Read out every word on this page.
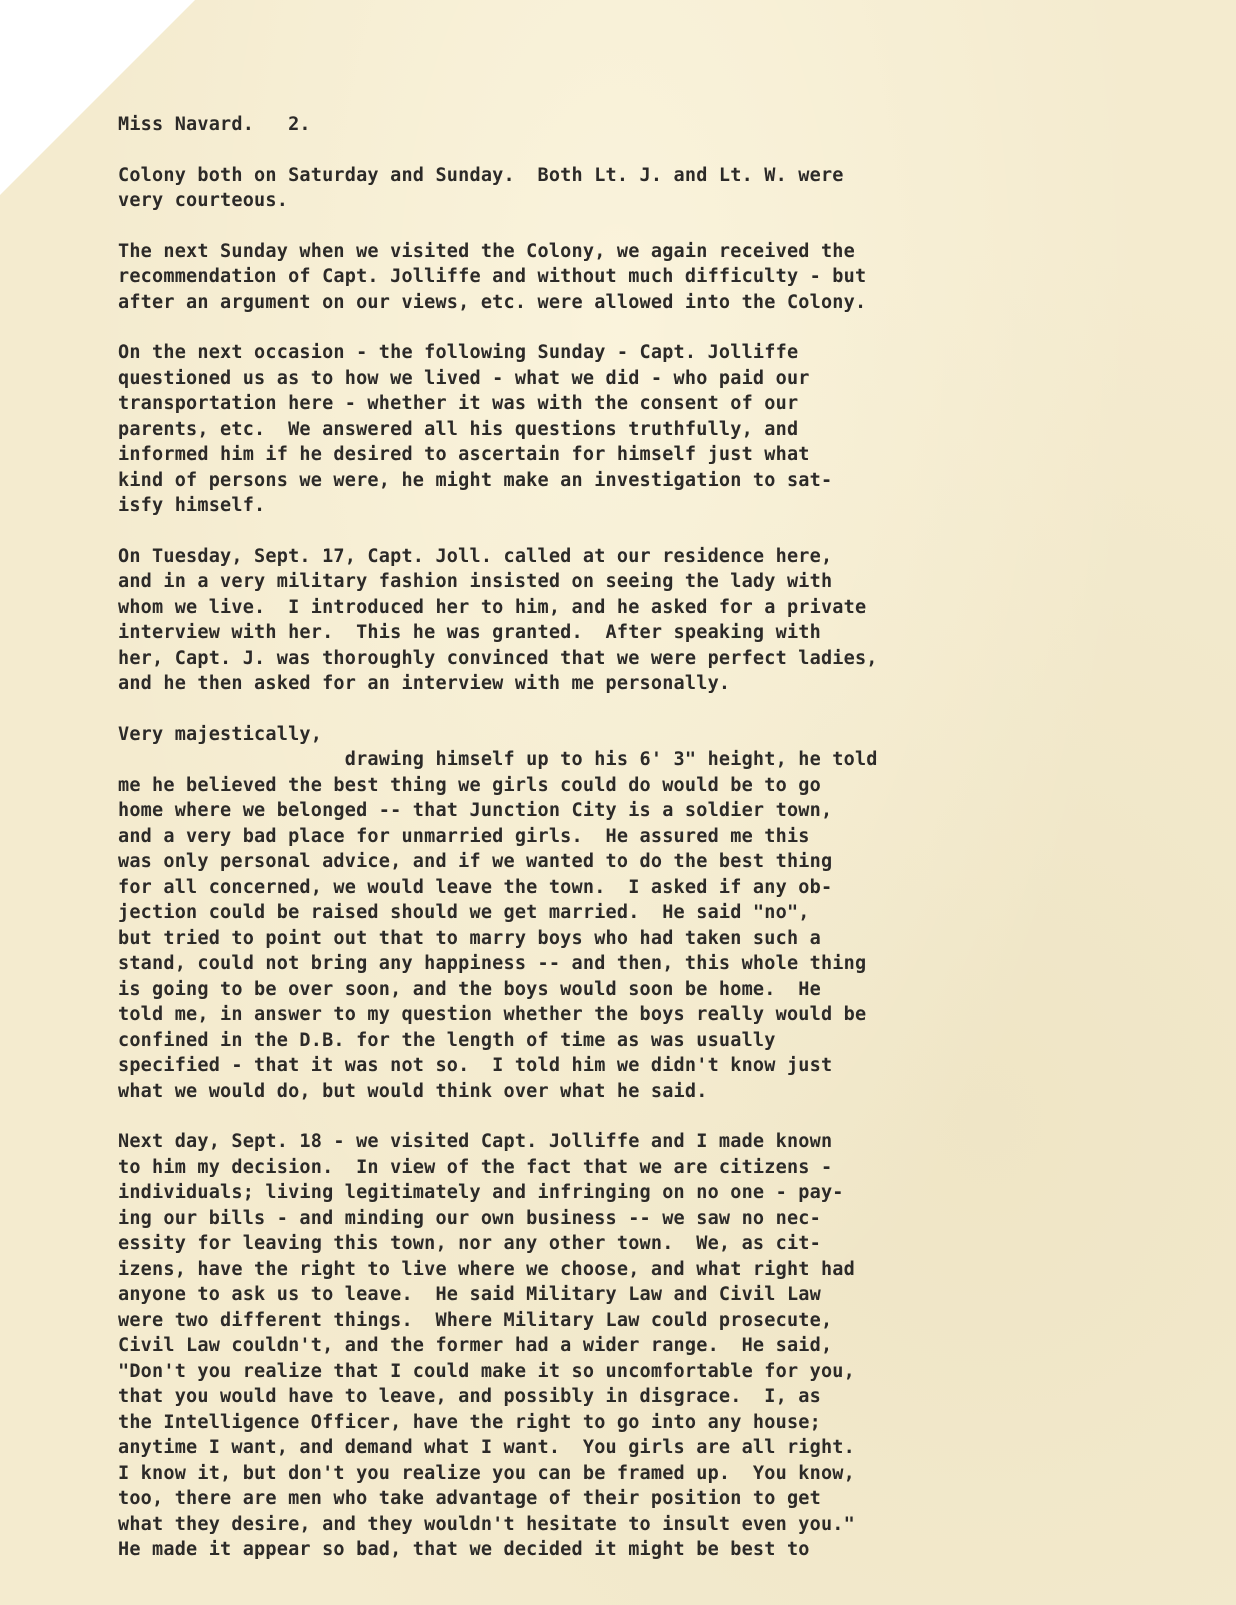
Miss Navard.   2.
Colony both on Saturday and Sunday.  Both Lt. J. and Lt. W. were
very courteous.
The next Sunday when we visited the Colony, we again received the
recommendation of Capt. Jolliffe and without much difficulty - but
after an argument on our views, etc. were allowed into the Colony.
On the next occasion - the following Sunday - Capt. Jolliffe
questioned us as to how we lived - what we did - who paid our
transportation here - whether it was with the consent of our
parents, etc.  We answered all his questions truthfully, and
informed him if he desired to ascertain for himself just what
kind of persons we were, he might make an investigation to sat-
isfy himself.
On Tuesday, Sept. 17, Capt. Joll. called at our residence here,
and in a very military fashion insisted on seeing the lady with
whom we live.  I introduced her to him, and he asked for a private
interview with her.  This he was granted.  After speaking with
her, Capt. J. was thoroughly convinced that we were perfect ladies,
and he then asked for an interview with me personally.
Very majestically,
drawing himself up to his 6' 3" height, he told
me he believed the best thing we girls could do would be to go
home where we belonged -- that Junction City is a soldier town,
and a very bad place for unmarried girls.  He assured me this
was only personal advice, and if we wanted to do the best thing
for all concerned, we would leave the town.  I asked if any ob-
jection could be raised should we get married.  He said "no",
but tried to point out that to marry boys who had taken such a
stand, could not bring any happiness -- and then, this whole thing
is going to be over soon, and the boys would soon be home.  He
told me, in answer to my question whether the boys really would be
confined in the D.B. for the length of time as was usually
specified - that it was not so.  I told him we didn't know just
what we would do, but would think over what he said.
Next day, Sept. 18 - we visited Capt. Jolliffe and I made known
to him my decision.  In view of the fact that we are citizens -
individuals; living legitimately and infringing on no one - pay-
ing our bills - and minding our own business -- we saw no nec-
essity for leaving this town, nor any other town.  We, as cit-
izens, have the right to live where we choose, and what right had
anyone to ask us to leave.  He said Military Law and Civil Law
were two different things.  Where Military Law could prosecute,
Civil Law couldn't, and the former had a wider range.  He said,
"Don't you realize that I could make it so uncomfortable for you,
that you would have to leave, and possibly in disgrace.  I, as
the Intelligence Officer, have the right to go into any house;
anytime I want, and demand what I want.  You girls are all right.
I know it, but don't you realize you can be framed up.  You know,
too, there are men who take advantage of their position to get
what they desire, and they wouldn't hesitate to insult even you."
He made it appear so bad, that we decided it might be best to
